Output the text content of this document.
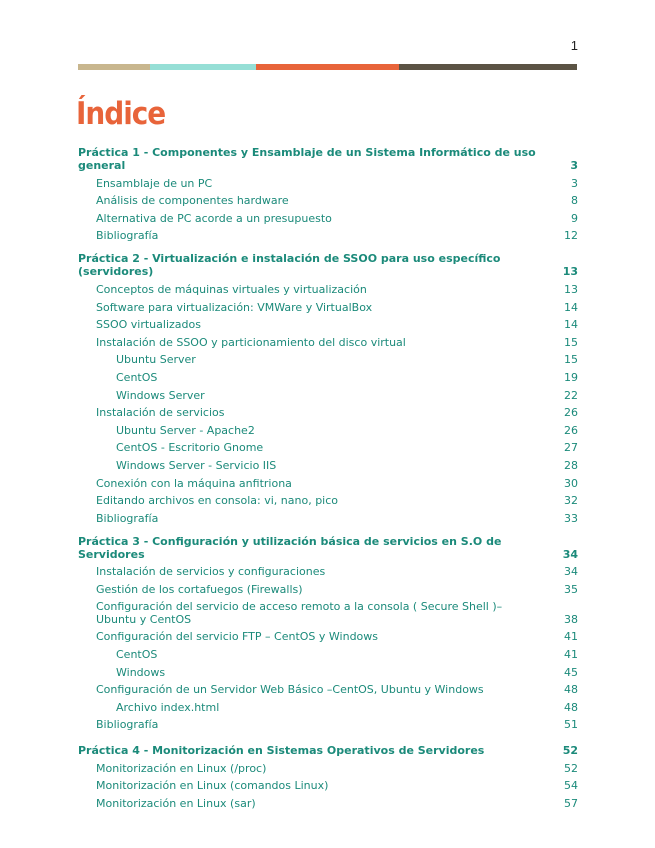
1
Índice
Práctica 1 - Componentes y Ensamblaje de un Sistema Informático de uso general	3
Ensamblaje de un PC	3
Análisis de componentes hardware	8
Alternativa de PC acorde a un presupuesto	9
Bibliografía	12
Práctica 2 - Virtualización e instalación de SSOO para uso específico (servidores)	13
Conceptos de máquinas virtuales y virtualización	13
Software para virtualización: VMWare y VirtualBox	14
SSOO virtualizados	14
Instalación de SSOO y particionamiento del disco virtual	15
Ubuntu Server	15
CentOS	19
Windows Server	22
Instalación de servicios	26
Ubuntu Server - Apache2	26
CentOS - Escritorio Gnome	27
Windows Server - Servicio IIS	28
Conexión con la máquina anfitriona	30
Editando archivos en consola: vi, nano, pico	32
Bibliografía	33
Práctica 3 - Configuración y utilización básica de servicios en S.O de Servidores	34
Instalación de servicios y configuraciones	34
Gestión de los cortafuegos (Firewalls)	35
Configuración del servicio de acceso remoto a la consola ( Secure Shell )– Ubuntu y CentOS	38
Configuración del servicio FTP – CentOS y Windows	41
CentOS	41
Windows	45
Configuración de un Servidor Web Básico –CentOS, Ubuntu y Windows	48
Archivo index.html	48
Bibliografía	51
Práctica 4 - Monitorización en Sistemas Operativos de Servidores	52
Monitorización en Linux (/proc)	52
Monitorización en Linux (comandos Linux)	54
Monitorización en Linux (sar)	57
